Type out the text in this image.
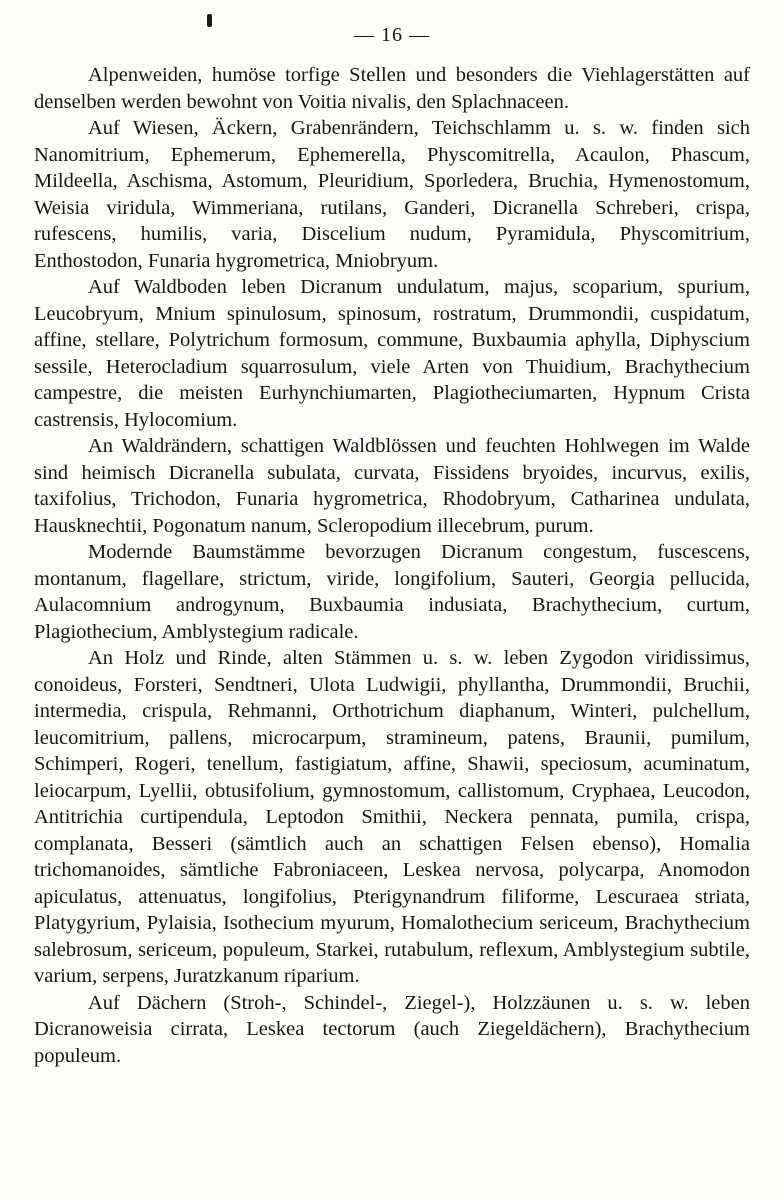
— 16 —

Alpenweiden, humöse torfige Stellen und besonders die Viehlagerstätten auf denselben werden bewohnt von Voitia nivalis, den Splachnaceen.

Auf Wiesen, Äckern, Grabenrändern, Teichschlamm u. s. w. finden sich Nanomitrium, Ephemerum, Ephemerella, Physcomitrella, Acaulon, Phascum, Mildeella, Aschisma, Astomum, Pleuridium, Sporledera, Bruchia, Hymenostomum, Weisia viridula, Wimmeriana, rutilans, Ganderi, Dicranella Schreberi, crispa, rufescens, humilis, varia, Discelium nudum, Pyramidula, Physcomitrium, Enthostodon, Funaria hygrometrica, Mniobryum.

Auf Waldboden leben Dicranum undulatum, majus, scoparium, spurium, Leucobryum, Mnium spinulosum, spinosum, rostratum, Drummondii, cuspidatum, affine, stellare, Polytrichum formosum, commune, Buxbaumia aphylla, Diphyscium sessile, Heterocladium squarrosulum, viele Arten von Thuidium, Brachythecium campestre, die meisten Eurhynchiumarten, Plagiotheciumarten, Hypnum Crista castrensis, Hylocomium.

An Waldrändern, schattigen Waldblössen und feuchten Hohlwegen im Walde sind heimisch Dicranella subulata, curvata, Fissidens bryoides, incurvus, exilis, taxifolius, Trichodon, Funaria hygrometrica, Rhodobryum, Catharinea undulata, Hausknechtii, Pogonatum nanum, Scleropodium illecebrum, purum.

Modernde Baumstämme bevorzugen Dicranum congestum, fuscescens, montanum, flagellare, strictum, viride, longifolium, Sauteri, Georgia pellucida, Aulacomnium androgynum, Buxbaumia indusiata, Brachythecium, curtum, Plagiothecium, Amblystegium radicale.

An Holz und Rinde, alten Stämmen u. s. w. leben Zygodon viridissimus, conoideus, Forsteri, Sendtneri, Ulota Ludwigii, phyllantha, Drummondii, Bruchii, intermedia, crispula, Rehmanni, Orthotrichum diaphanum, Winteri, pulchellum, leucomitrium, pallens, microcarpum, stramineum, patens, Braunii, pumilum, Schimperi, Rogeri, tenellum, fastigiatum, affine, Shawii, speciosum, acuminatum, leiocarpum, Lyellii, obtusifolium, gymnostomum, callistomum, Cryphaea, Leucodon, Antitrichia curtipendula, Leptodon Smithii, Neckera pennata, pumila, crispa, complanata, Besseri (sämtlich auch an schattigen Felsen ebenso), Homalia trichomanoides, sämtliche Fabroniaceen, Leskea nervosa, polycarpa, Anomodon apiculatus, attenuatus, longifolius, Pterigynandrum filiforme, Lescuraea striata, Platygyrium, Pylaisia, Isothecium myurum, Homalothecium sericeum, Brachythecium salebrosum, sericeum, populeum, Starkei, rutabulum, reflexum, Amblystegium subtile, varium, serpens, Juratzkanum riparium.

Auf Dächern (Stroh-, Schindel-, Ziegel-), Holzzäunen u. s. w. leben Dicranoweisia cirrata, Leskea tectorum (auch Ziegeldächern), Brachythecium populeum.
